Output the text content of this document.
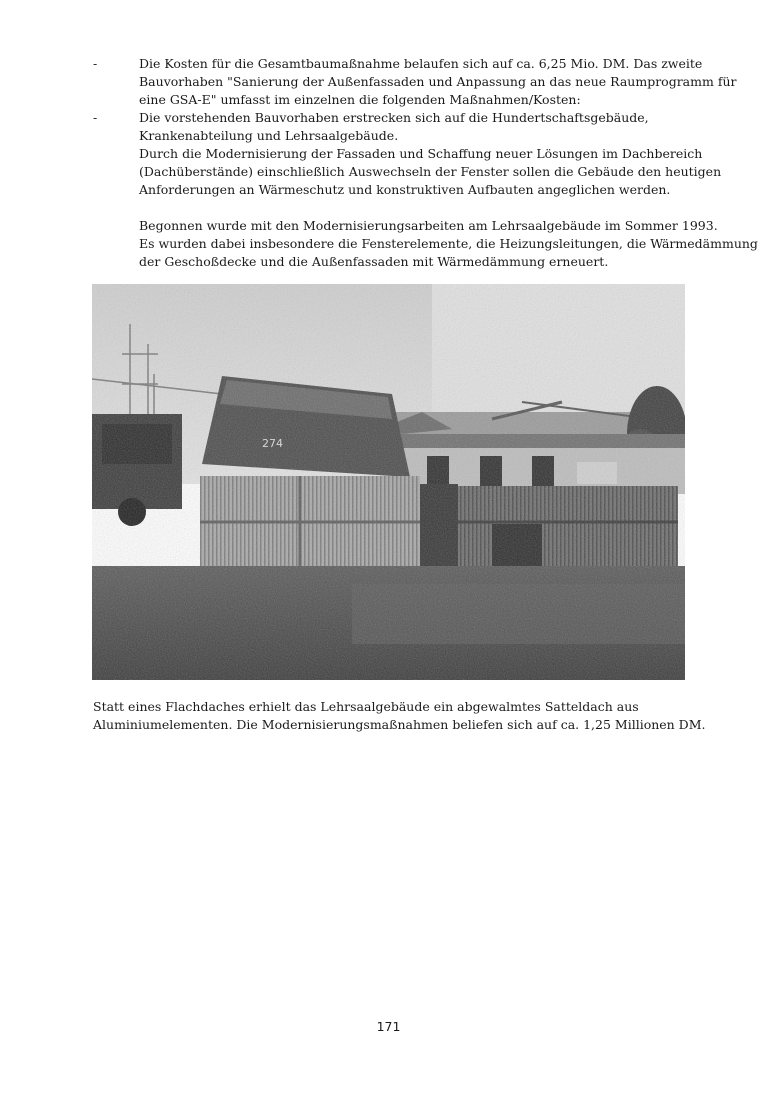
-	Die Kosten für die Gesamtbaumaßnahme belaufen sich auf ca. 6,25 Mio. DM. Das zweite
Bauvorhaben "Sanierung der Außenfassaden und Anpassung an das neue Raumprogramm für
eine GSA-E" umfasst im einzelnen die folgenden Maßnahmen/Kosten:
-	Die vorstehenden Bauvorhaben erstrecken sich auf die Hundertschaftsgebäude,
Krankenabteilung und Lehrsaalgebäude.
Durch die Modernisierung der Fassaden und Schaffung neuer Lösungen im Dachbereich
(Dachüberstände) einschließlich Auswechseln der Fenster sollen die Gebäude den heutigen
Anforderungen an Wärmeschutz und konstruktiven Aufbauten angeglichen werden.
Begonnen wurde mit den Modernisierungsarbeiten am Lehrsaalgebäude im Sommer 1993.
Es wurden dabei insbesondere die Fensterelemente, die Heizungsleitungen, die Wärmedämmung
der Geschoßdecke und die Außenfassaden mit Wärmedämmung erneuert.
Statt eines Flachdaches erhielt das Lehrsaalgebäude ein abgewalmtes Satteldach aus
Aluminiumelementen. Die Modernisierungsmaßnahmen beliefen sich auf ca. 1,25 Millionen DM.
171
